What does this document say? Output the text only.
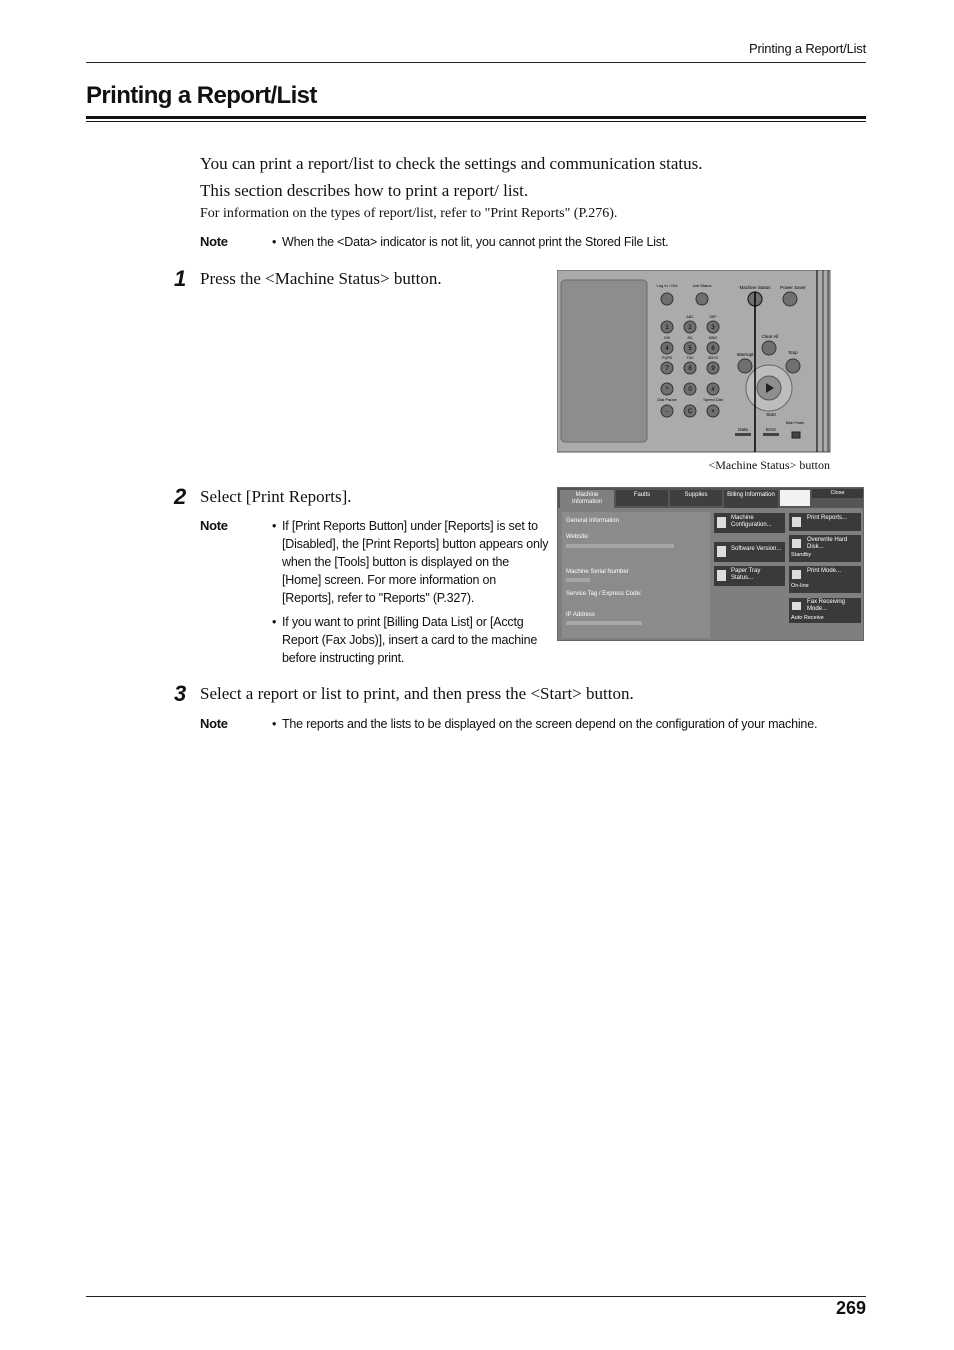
Printing a Report/List
Printing a Report/List
You can print a report/list to check the settings and communication status.
This section describes how to print a report/ list.
For information on the types of report/list, refer to "Print Reports" (P.276).
Note	• When the <Data> indicator is not lit, you cannot print the Stored File List.
1 Press the <Machine Status> button.	Log In / Out	Job Status
1	2	3
4	5	6
7	8	9
*	0	#
-	C	×
ABC	DEF
GHI	JKL	MNO
PQRS	TUV	WXYZ
Dial Pause	Speed Dial
Machine Status Power Saver
Clear All
Interrupt	Stop
Start
Data	Error
Main Power
<Machine Status> button
2 Select [Print Reports].
Note	• If [Print Reports Button] under [Reports] is set to [Disabled], the [Print Reports] button appears only when the [Tools] button is displayed on the [Home] screen. For more information on [Reports], refer to "Reports" (P.327).
• If you want to print [Billing Data List] or [Acctg Report (Fax Jobs)], insert a card to the machine before instructing print.
Machine Information
Faults	Supplies	Billing Information	Close
General Information
Website:
Machine Serial Number
Service Tag / Express Code:
IP Address
Machine Configuration...
Software Version...
Paper Tray Status...
Print Reports...
Overwrite Hard Disk...
Standby
Print Mode...
On-line
Fax Receiving Mode...
Auto Receive
3 Select a report or list to print, and then press the <Start> button.
Note	• The reports and the lists to be displayed on the screen depend on the configuration of your machine.
269
